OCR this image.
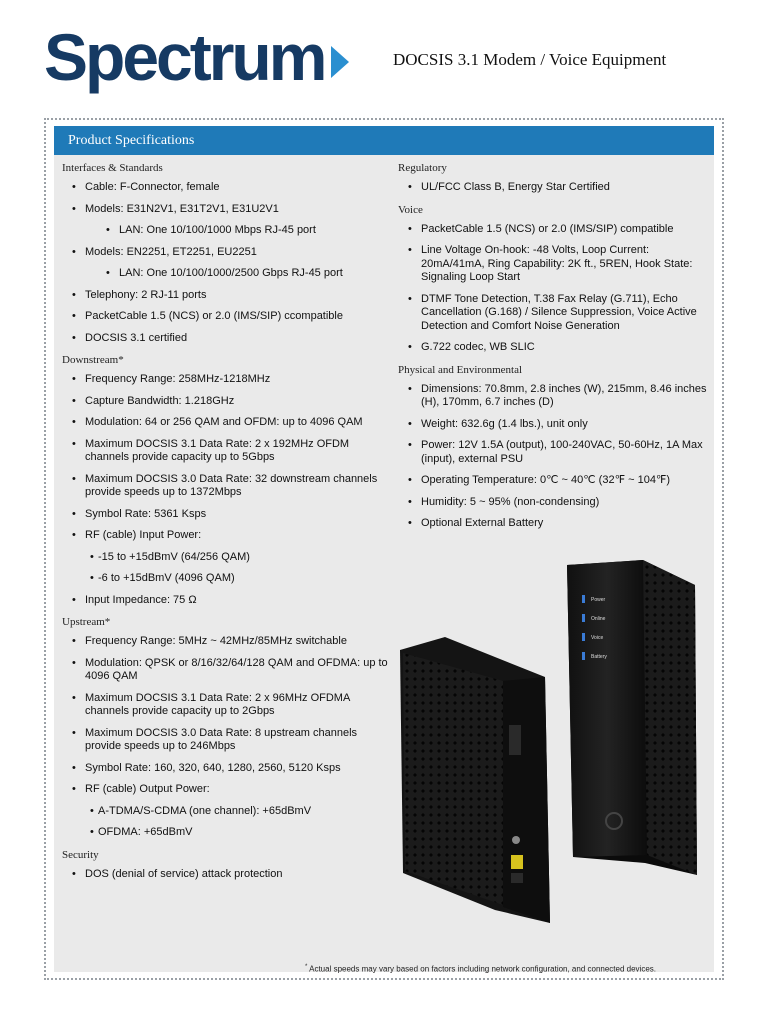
Spectrum	DOCSIS 3.1 Modem / Voice Equipment
Product Specifications
Interfaces & Standards
• Cable: F-Connector, female
• Models: E31N2V1, E31T2V1, E31U2V1
• LAN: One 10/100/1000 Mbps RJ-45 port
• Models: EN2251, ET2251, EU2251
• LAN: One 10/100/1000/2500 Gbps RJ-45 port
• Telephony: 2 RJ-11 ports
• PacketCable 1.5 (NCS) or 2.0 (IMS/SIP) ccompatible
• DOCSIS 3.1 certified
Downstream*
• Frequency Range: 258MHz-1218MHz
• Capture Bandwidth: 1.218GHz
• Modulation: 64 or 256 QAM and OFDM: up to 4096 QAM
• Maximum DOCSIS 3.1 Data Rate: 2 x 192MHz OFDM channels provide capacity up to 5Gbps
• Maximum DOCSIS 3.0 Data Rate: 32 downstream channels provide speeds up to 1372Mbps
• Symbol Rate: 5361 Ksps
• RF (cable) Input Power:
• -15 to +15dBmV (64/256 QAM)
• -6 to +15dBmV (4096 QAM)
• Input Impedance: 75 Ω
Upstream*
• Frequency Range: 5MHz ~ 42MHz/85MHz switchable
• Modulation: QPSK or 8/16/32/64/128 QAM and OFDMA: up to 4096 QAM
• Maximum DOCSIS 3.1 Data Rate: 2 x 96MHz OFDMA channels provide capacity up to 2Gbps
• Maximum DOCSIS 3.0 Data Rate: 8 upstream channels provide speeds up to 246Mbps
• Symbol Rate: 160, 320, 640, 1280, 2560, 5120 Ksps
• RF (cable) Output Power:
• A-TDMA/S-CDMA (one channel): +65dBmV
• OFDMA: +65dBmV
Security
• DOS (denial of service) attack protection
Regulatory
• UL/FCC Class B, Energy Star Certified
Voice
• PacketCable 1.5 (NCS) or 2.0 (IMS/SIP) compatible
• Line Voltage On-hook: -48 Volts, Loop Current: 20mA/41mA, Ring Capability: 2K ft., 5REN, Hook State: Signaling Loop Start
• DTMF Tone Detection, T.38 Fax Relay (G.711), Echo Cancellation (G.168) / Silence Suppression, Voice Active Detection and Comfort Noise Generation
• G.722 codec, WB SLIC
Physical and Environmental
• Dimensions: 70.8mm, 2.8 inches (W), 215mm, 8.46 inches (H), 170mm, 6.7 inches (D)
• Weight: 632.6g (1.4 lbs.), unit only
• Power: 12V 1.5A (output), 100-240VAC, 50-60Hz, 1A Max (input), external PSU
• Operating Temperature: 0℃ ~ 40℃ (32℉ ~ 104℉)
• Humidity: 5 ~ 95% (non-condensing)
• Optional External Battery
Power
Online
Voice
Battery
* Actual speeds may vary based on factors including network configuration, and connected devices.
